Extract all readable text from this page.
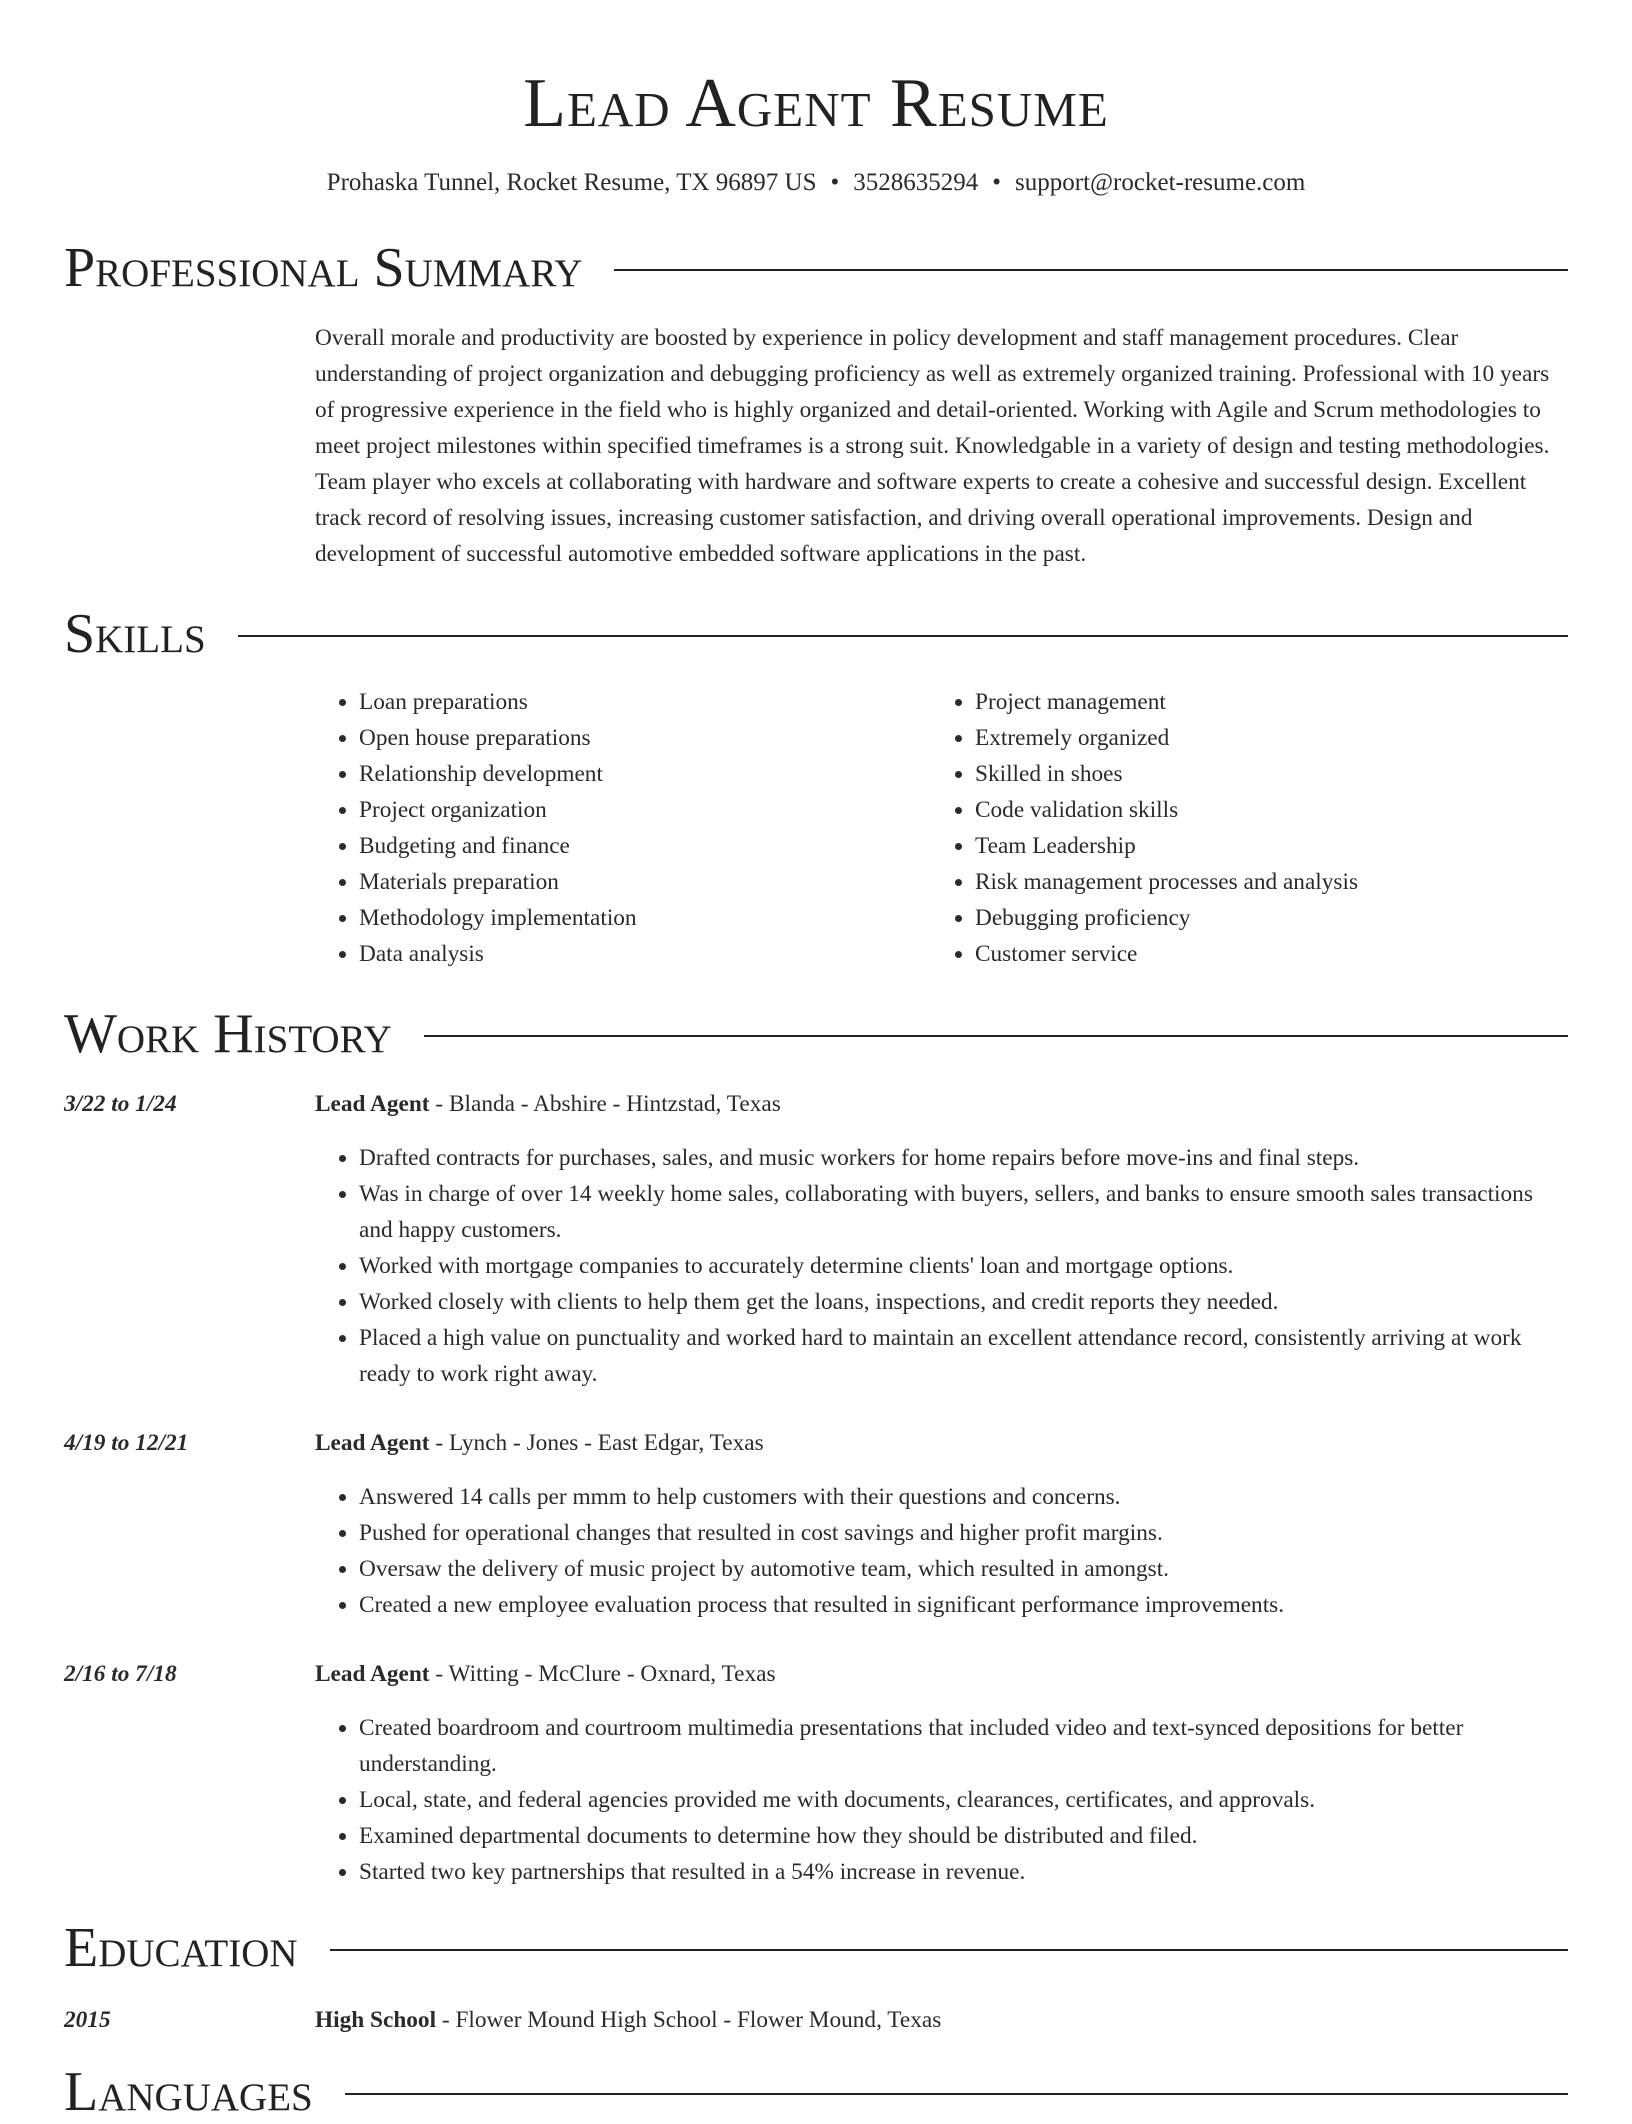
Lead Agent Resume
Prohaska Tunnel, Rocket Resume, TX 96897 US • 3528635294 • support@rocket-resume.com
Professional Summary
Overall morale and productivity are boosted by experience in policy development and staff management procedures. Clear understanding of project organization and debugging proficiency as well as extremely organized training. Professional with 10 years of progressive experience in the field who is highly organized and detail-oriented. Working with Agile and Scrum methodologies to meet project milestones within specified timeframes is a strong suit. Knowledgable in a variety of design and testing methodologies. Team player who excels at collaborating with hardware and software experts to create a cohesive and successful design. Excellent track record of resolving issues, increasing customer satisfaction, and driving overall operational improvements. Design and development of successful automotive embedded software applications in the past.
Skills
• Loan preparations
• Open house preparations
• Relationship development
• Project organization
• Budgeting and finance
• Materials preparation
• Methodology implementation
• Data analysis
• Project management
• Extremely organized
• Skilled in shoes
• Code validation skills
• Team Leadership
• Risk management processes and analysis
• Debugging proficiency
• Customer service
Work History
3/22 to 1/24	Lead Agent - Blanda - Abshire - Hintzstad, Texas
• Drafted contracts for purchases, sales, and music workers for home repairs before move-ins and final steps.
• Was in charge of over 14 weekly home sales, collaborating with buyers, sellers, and banks to ensure smooth sales transactions and happy customers.
• Worked with mortgage companies to accurately determine clients' loan and mortgage options.
• Worked closely with clients to help them get the loans, inspections, and credit reports they needed.
• Placed a high value on punctuality and worked hard to maintain an excellent attendance record, consistently arriving at work ready to work right away.
4/19 to 12/21	Lead Agent - Lynch - Jones - East Edgar, Texas
• Answered 14 calls per mmm to help customers with their questions and concerns.
• Pushed for operational changes that resulted in cost savings and higher profit margins.
• Oversaw the delivery of music project by automotive team, which resulted in amongst.
• Created a new employee evaluation process that resulted in significant performance improvements.
2/16 to 7/18	Lead Agent - Witting - McClure - Oxnard, Texas
• Created boardroom and courtroom multimedia presentations that included video and text-synced depositions for better understanding.
• Local, state, and federal agencies provided me with documents, clearances, certificates, and approvals.
• Examined departmental documents to determine how they should be distributed and filed.
• Started two key partnerships that resulted in a 54% increase in revenue.
Education
2015	High School - Flower Mound High School - Flower Mound, Texas
Languages
